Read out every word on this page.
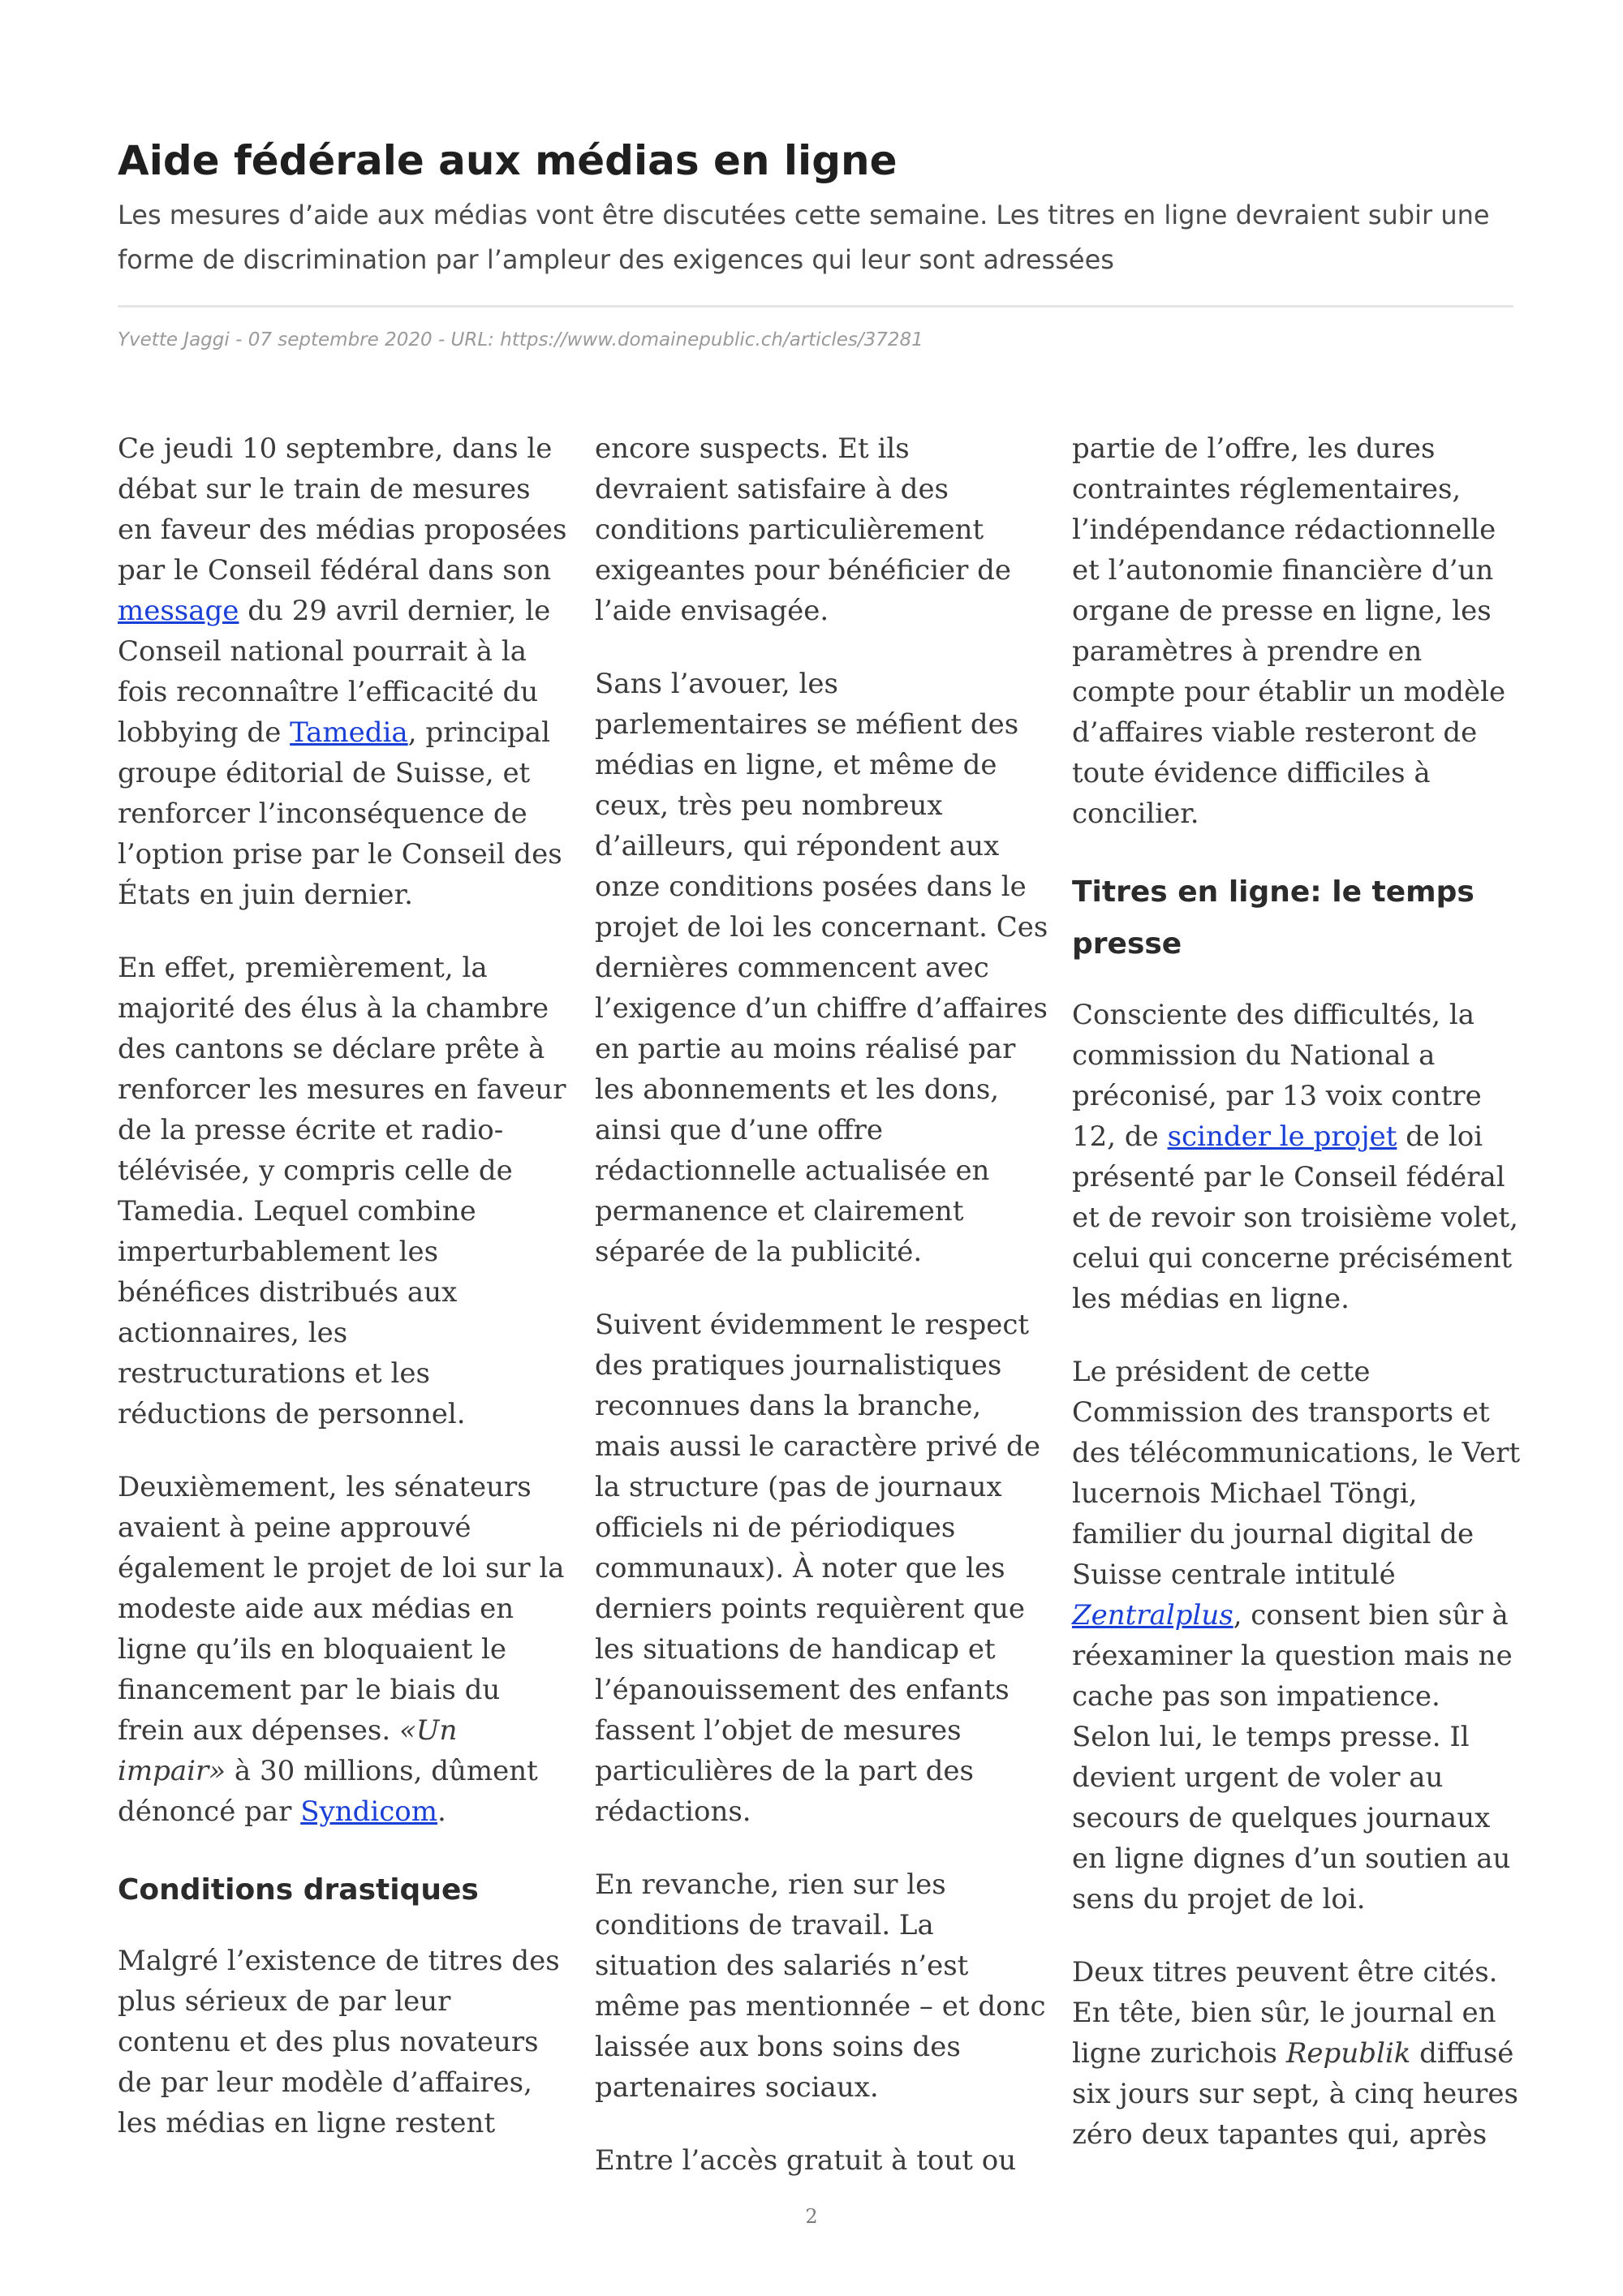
Aide fédérale aux médias en ligne

Les mesures d’aide aux médias vont être discutées cette semaine. Les titres en ligne devraient subir une forme de discrimination par l’ampleur des exigences qui leur sont adressées

Yvette Jaggi - 07 septembre 2020 - URL: https://www.domainepublic.ch/articles/37281

Ce jeudi 10 septembre, dans le débat sur le train de mesures en faveur des médias proposées par le Conseil fédéral dans son message du 29 avril dernier, le Conseil national pourrait à la fois reconnaître l’efficacité du lobbying de Tamedia, principal groupe éditorial de Suisse, et renforcer l’inconséquence de l’option prise par le Conseil des États en juin dernier.

En effet, premièrement, la majorité des élus à la chambre des cantons se déclare prête à renforcer les mesures en faveur de la presse écrite et radio-télévisée, y compris celle de Tamedia. Lequel combine imperturbablement les bénéfices distribués aux actionnaires, les restructurations et les réductions de personnel.

Deuxièmement, les sénateurs avaient à peine approuvé également le projet de loi sur la modeste aide aux médias en ligne qu’ils en bloquaient le financement par le biais du frein aux dépenses. «Un impair» à 30 millions, dûment dénoncé par Syndicom.

Conditions drastiques

Malgré l’existence de titres des plus sérieux de par leur contenu et des plus novateurs de par leur modèle d’affaires, les médias en ligne restent

encore suspects. Et ils devraient satisfaire à des conditions particulièrement exigeantes pour bénéficier de l’aide envisagée.

Sans l’avouer, les parlementaires se méfient des médias en ligne, et même de ceux, très peu nombreux d’ailleurs, qui répondent aux onze conditions posées dans le projet de loi les concernant. Ces dernières commencent avec l’exigence d’un chiffre d’affaires en partie au moins réalisé par les abonnements et les dons, ainsi que d’une offre rédactionnelle actualisée en permanence et clairement séparée de la publicité.

Suivent évidemment le respect des pratiques journalistiques reconnues dans la branche, mais aussi le caractère privé de la structure (pas de journaux officiels ni de périodiques communaux). À noter que les derniers points requièrent que les situations de handicap et l’épanouissement des enfants fassent l’objet de mesures particulières de la part des rédactions.

En revanche, rien sur les conditions de travail. La situation des salariés n’est même pas mentionnée – et donc laissée aux bons soins des partenaires sociaux.

Entre l’accès gratuit à tout ou

partie de l’offre, les dures contraintes réglementaires, l’indépendance rédactionnelle et l’autonomie financière d’un organe de presse en ligne, les paramètres à prendre en compte pour établir un modèle d’affaires viable resteront de toute évidence difficiles à concilier.

Titres en ligne: le temps presse

Consciente des difficultés, la commission du National a préconisé, par 13 voix contre 12, de scinder le projet de loi présenté par le Conseil fédéral et de revoir son troisième volet, celui qui concerne précisément les médias en ligne.

Le président de cette Commission des transports et des télécommunications, le Vert lucernois Michael Töngi, familier du journal digital de Suisse centrale intitulé Zentralplus, consent bien sûr à réexaminer la question mais ne cache pas son impatience. Selon lui, le temps presse. Il devient urgent de voler au secours de quelques journaux en ligne dignes d’un soutien au sens du projet de loi.

Deux titres peuvent être cités. En tête, bien sûr, le journal en ligne zurichois Republik diffusé six jours sur sept, à cinq heures zéro deux tapantes qui, après

2
